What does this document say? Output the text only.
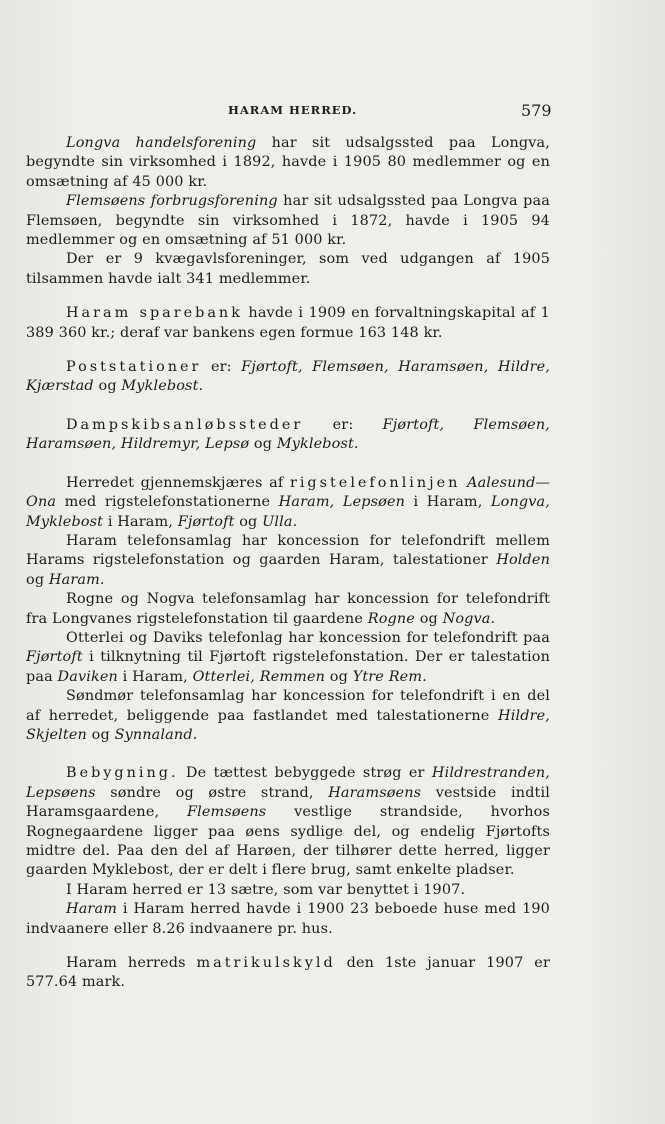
HARAM HERRED.	579

Longva handelsforening har sit udsalgssted paa Longva, begyndte sin virksomhed i 1892, havde i 1905 80 medlemmer og en omsætning af 45 000 kr.

Flemsøens forbrugsforening har sit udsalgssted paa Longva paa Flemsøen, begyndte sin virksomhed i 1872, havde i 1905 94 medlemmer og en omsætning af 51 000 kr.

Der er 9 kvægavlsforeninger, som ved udgangen af 1905 tilsammen havde ialt 341 medlemmer.

Haram sparebank havde i 1909 en forvaltningskapital af 1 389 360 kr.; deraf var bankens egen formue 163 148 kr.

Poststationer er: Fjørtoft, Flemsøen, Haramsøen, Hildre, Kjærstad og Myklebost.

Dampskibsanløbssteder er: Fjørtoft, Flemsøen, Haramsøen, Hildremyr, Lepsø og Myklebost.

Herredet gjennemskjæres af rigstelefonlinjen Aalesund—Ona med rigstelefonstationerne Haram, Lepsøen i Haram, Longva, Myklebost i Haram, Fjørtoft og Ulla.

Haram telefonsamlag har koncession for telefondrift mellem Harams rigstelefonstation og gaarden Haram, talestationer Holden og Haram.

Rogne og Nogva telefonsamlag har koncession for telefondrift fra Longvanes rigstelefonstation til gaardene Rogne og Nogva.

Otterlei og Daviks telefonlag har koncession for telefondrift paa Fjørtoft i tilknytning til Fjørtoft rigstelefonstation. Der er talestation paa Daviken i Haram, Otterlei, Remmen og Ytre Rem.

Søndmør telefonsamlag har koncession for telefondrift i en del af herredet, beliggende paa fastlandet med talestationerne Hildre, Skjelten og Synnaland.

Bebygning. De tættest bebyggede strøg er Hildrestranden, Lepsøens søndre og østre strand, Haramsøens vestside indtil Haramsgaardene, Flemsøens vestlige strandside, hvorhos Rognegaardene ligger paa øens sydlige del, og endelig Fjørtofts midtre del. Paa den del af Harøen, der tilhører dette herred, ligger gaarden Myklebost, der er delt i flere brug, samt enkelte pladser.

I Haram herred er 13 sætre, som var benyttet i 1907.

Haram i Haram herred havde i 1900 23 beboede huse med 190 indvaanere eller 8.26 indvaanere pr. hus.

Haram herreds matrikulskyld den 1ste januar 1907 er 577.64 mark.
